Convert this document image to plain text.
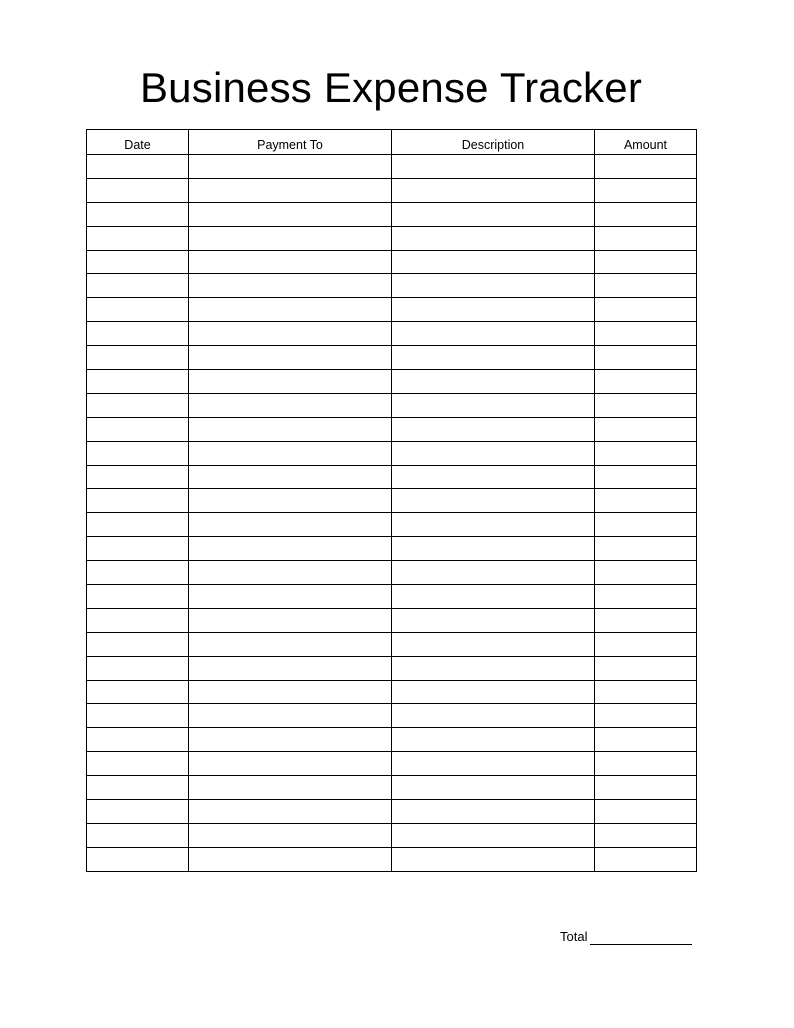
Business Expense Tracker
Date	Payment To	Description	Amount

Total
